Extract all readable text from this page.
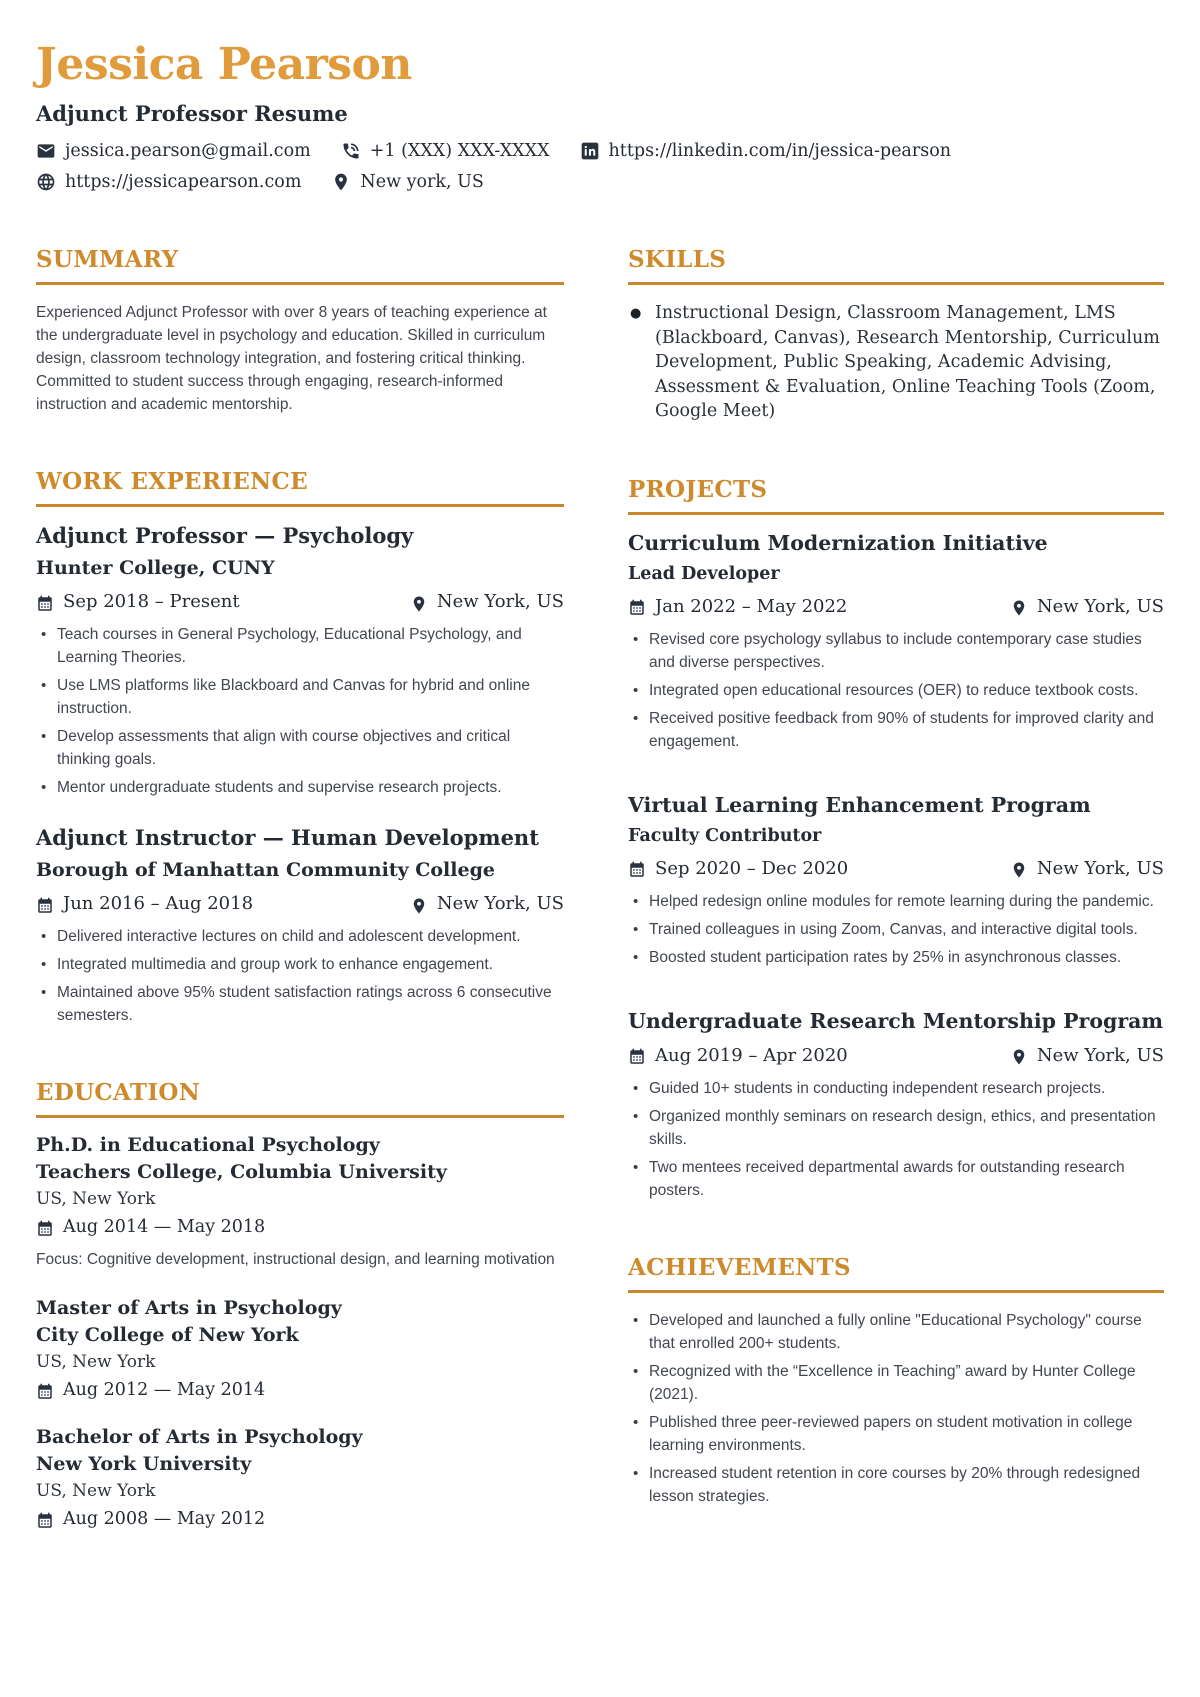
Jessica Pearson
Adjunct Professor Resume
jessica.pearson@gmail.com	+1 (XXX) XXX-XXXX	https://linkedin.com/in/jessica-pearson
https://jessicapearson.com	New york, US
SUMMARY

Experienced Adjunct Professor with over 8 years of teaching experience at the undergraduate level in psychology and education. Skilled in curriculum design, classroom technology integration, and fostering critical thinking. Committed to student success through engaging, research-informed instruction and academic mentorship.

WORK EXPERIENCE
Adjunct Professor — Psychology
Hunter College, CUNY
Sep 2018 – Present	New York, US
• Teach courses in General Psychology, Educational Psychology, and Learning Theories.
• Use LMS platforms like Blackboard and Canvas for hybrid and online instruction.
• Develop assessments that align with course objectives and critical thinking goals.
• Mentor undergraduate students and supervise research projects.
Adjunct Instructor — Human Development
Borough of Manhattan Community College
Jun 2016 – Aug 2018	New York, US
• Delivered interactive lectures on child and adolescent development.
• Integrated multimedia and group work to enhance engagement.
• Maintained above 95% student satisfaction ratings across 6 consecutive semesters.
EDUCATION
Ph.D. in Educational Psychology
Teachers College, Columbia University
US, New York
Aug 2014 — May 2018
Focus: Cognitive development, instructional design, and learning motivation
Master of Arts in Psychology
City College of New York
US, New York
Aug 2012 — May 2014
Bachelor of Arts in Psychology
New York University
US, New York
Aug 2008 — May 2012
SKILLS
● Instructional Design, Classroom Management, LMS (Blackboard, Canvas), Research Mentorship, Curriculum Development, Public Speaking, Academic Advising, Assessment & Evaluation, Online Teaching Tools (Zoom, Google Meet)
PROJECTS
Curriculum Modernization Initiative
Lead Developer
Jan 2022 – May 2022	New York, US
• Revised core psychology syllabus to include contemporary case studies and diverse perspectives.
• Integrated open educational resources (OER) to reduce textbook costs.
• Received positive feedback from 90% of students for improved clarity and engagement.
Virtual Learning Enhancement Program
Faculty Contributor
Sep 2020 – Dec 2020	New York, US
• Helped redesign online modules for remote learning during the pandemic.
• Trained colleagues in using Zoom, Canvas, and interactive digital tools.
• Boosted student participation rates by 25% in asynchronous classes.
Undergraduate Research Mentorship Program
Aug 2019 – Apr 2020	New York, US
• Guided 10+ students in conducting independent research projects.
• Organized monthly seminars on research design, ethics, and presentation skills.
• Two mentees received departmental awards for outstanding research posters.
ACHIEVEMENTS
• Developed and launched a fully online "Educational Psychology" course that enrolled 200+ students.
• Recognized with the “Excellence in Teaching” award by Hunter College (2021).
• Published three peer-reviewed papers on student motivation in college learning environments.
• Increased student retention in core courses by 20% through redesigned lesson strategies.
